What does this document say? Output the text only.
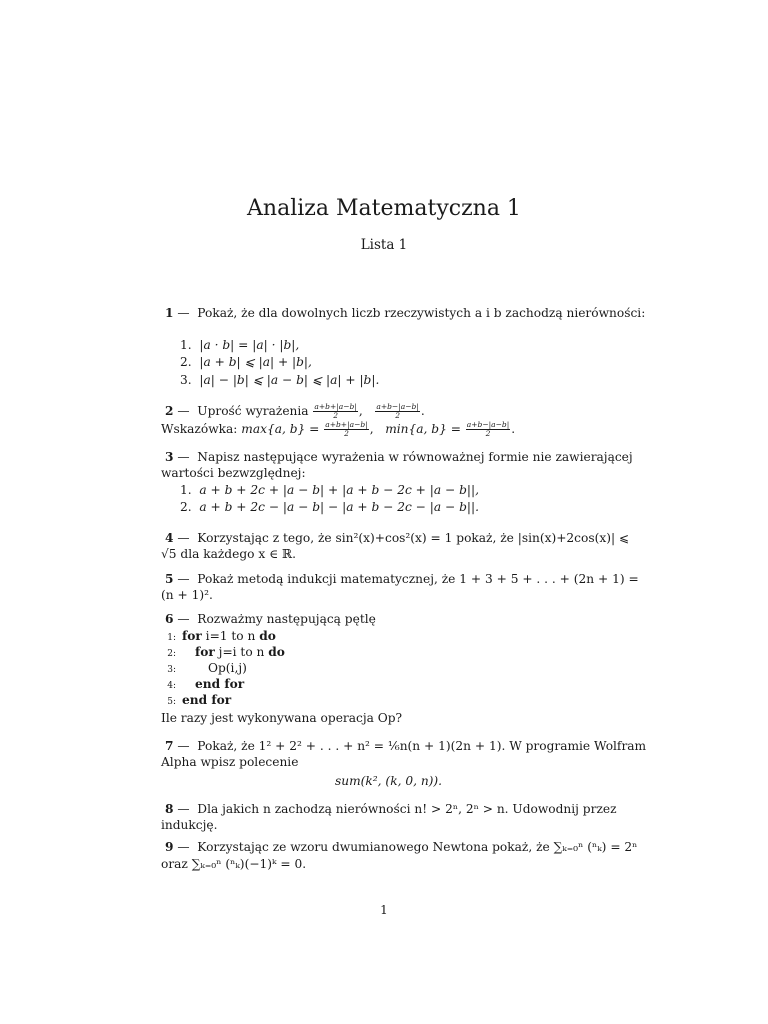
Analiza Matematyczna 1
Lista 1
1 — Pokaż, że dla dowolnych liczb rzeczywistych a i b zachodzą nierówności:
1.  |a · b| = |a| · |b|,
2.  |a + b| ⩽ |a| + |b|,
3.  |a| − |b| ⩽ |a − b| ⩽ |a| + |b|.
2 — Uprość wyrażenia $\frac{a+b+|a-b|}{2}$ , $\frac{a+b-|a-b|}{2}$ .
Wskazówka: max{a, $b\} = \frac{a+b+|a-b|}{2}$ ,   min{a, $b\} = \frac{a+b-|a-b|}{2}$ .
3 — Napisz następujące wyrażenia w równoważnej formie nie zawierającej
wartości bezwzględnej:
1.  a + b + 2c + |a − b| + |a + b − 2c + |a − b||,
2.  a + b + 2c − |a − b| − |a + b − 2c − |a − b||.
4 — Korzystając z tego, że sin²(x)+cos²(x) = 1 pokaż, że |sin(x)+2cos(x)| ⩽
√5 dla każdego x ∈ ℝ.
5 — Pokaż metodą indukcji matematycznej, że 1 + 3 + 5 + . . . + (2n + 1) =
(n + 1)².
6 — Rozważmy następującą pętlę
1: for i=1 to n do
2: for j=i to n do
3:	Op(i,j)
4: end for
5: end for
Ile razy jest wykonywana operacja Op?
7 — Pokaż, że 1² + 2² + . . . + n² = ⅙n(n + 1)(2n + 1). W programie Wolfram
Alpha wpisz polecenie
sum(k², (k, 0, n)).
8 — Dla jakich n zachodzą nierówności n! > 2ⁿ, 2ⁿ > n. Udowodnij przez
indukcję.
9 — Korzystając ze wzoru dwumianowego Newtona pokaż, że ∑ₖ₌₀ⁿ (ⁿₖ) = 2ⁿ
oraz ∑ₖ₌₀ⁿ (ⁿₖ)(−1)ᵏ = 0.
1
